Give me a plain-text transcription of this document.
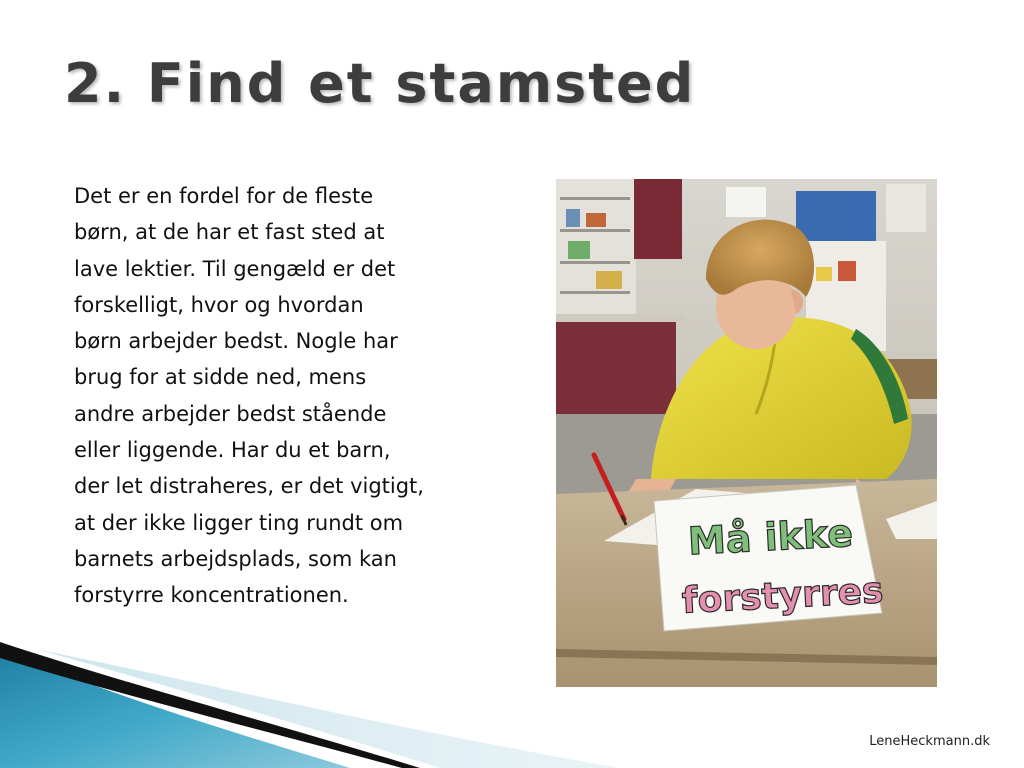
2. Find et stamsted

Det er en fordel for de fleste
børn, at de har et fast sted at
lave lektier. Til gengæld er det
forskelligt, hvor og hvordan
børn arbejder bedst. Nogle har
brug for at sidde ned, mens
andre arbejder bedst stående
eller liggende. Har du et barn,
der let distraheres, er det vigtigt,
at der ikke ligger ting rundt om
barnets arbejdsplads, som kan
forstyrre koncentrationen.

Må ikke
forstyrres
LeneHeckmann.dk
